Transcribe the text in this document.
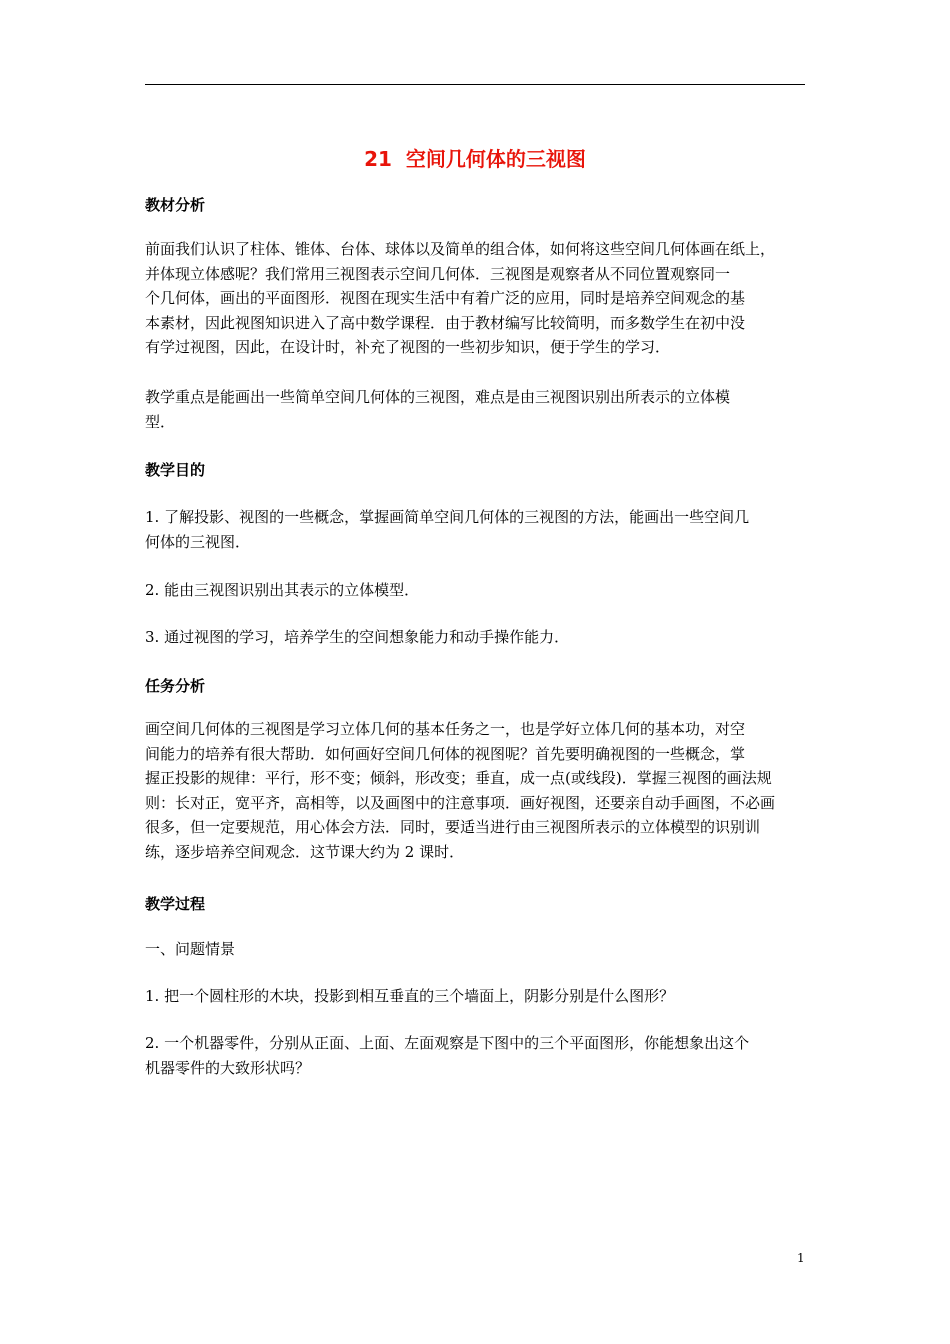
21  空间几何体的三视图
教材分析
前面我们认识了柱体、锥体、台体、球体以及简单的组合体，如何将这些空间几何体画在纸上，
并体现立体感呢？我们常用三视图表示空间几何体．三视图是观察者从不同位置观察同一
个几何体，画出的平面图形．视图在现实生活中有着广泛的应用，同时是培养空间观念的基
本素材，因此视图知识进入了高中数学课程．由于教材编写比较简明，而多数学生在初中没
有学过视图，因此，在设计时，补充了视图的一些初步知识，便于学生的学习．
教学重点是能画出一些简单空间几何体的三视图，难点是由三视图识别出所表示的立体模
型．
教学目的
1. 了解投影、视图的一些概念，掌握画简单空间几何体的三视图的方法，能画出一些空间几
何体的三视图．
2. 能由三视图识别出其表示的立体模型．
3. 通过视图的学习，培养学生的空间想象能力和动手操作能力．
任务分析
画空间几何体的三视图是学习立体几何的基本任务之一，也是学好立体几何的基本功，对空
间能力的培养有很大帮助．如何画好空间几何体的视图呢？首先要明确视图的一些概念，掌
握正投影的规律：平行，形不变；倾斜，形改变；垂直，成一点(或线段)．掌握三视图的画法规
则：长对正，宽平齐，高相等，以及画图中的注意事项．画好视图，还要亲自动手画图，不必画
很多，但一定要规范，用心体会方法．同时，要适当进行由三视图所表示的立体模型的识别训
练，逐步培养空间观念．这节课大约为 2 课时．
教学过程
一、问题情景
1. 把一个圆柱形的木块，投影到相互垂直的三个墙面上，阴影分别是什么图形？
2. 一个机器零件，分别从正面、上面、左面观察是下图中的三个平面图形，你能想象出这个
机器零件的大致形状吗？
1
